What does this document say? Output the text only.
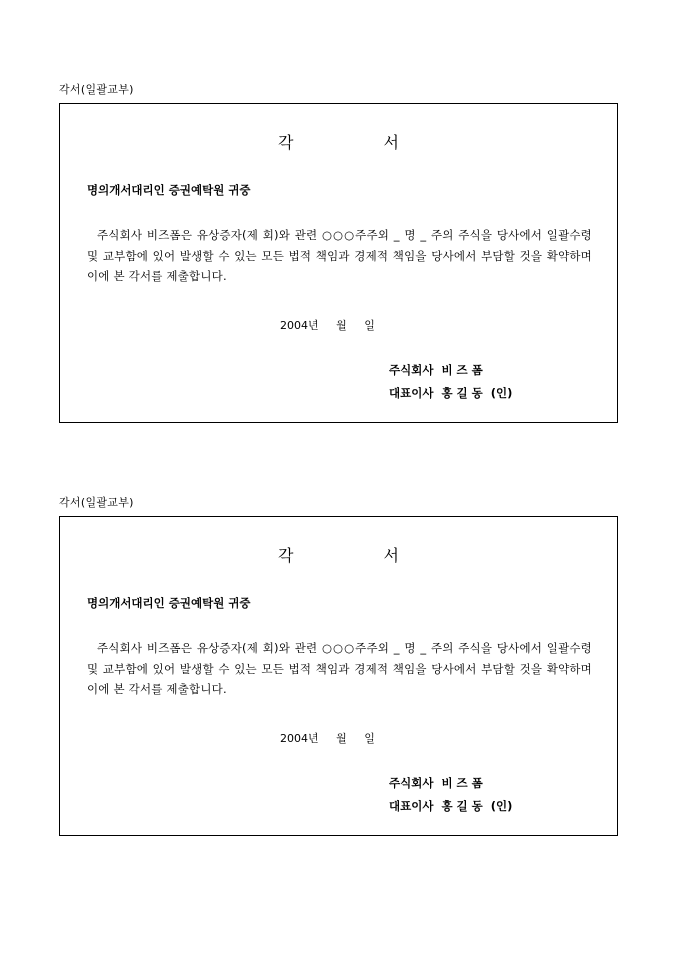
각서(일괄교부)
각	서
명의개서대리인 증권예탁원 귀중
주식회사 비즈폼은 유상증자(제 회)와 관련 ○○○주주외 _ 명 _ 주의 주식을 당사에서 일괄수령 및 교부함에 있어 발생할 수 있는 모든 법적 책임과 경제적 책임을 당사에서 부담할 것을 확약하며 이에 본 각서를 제출합니다.
2004년     월     일
주식회사  비 즈 폼
대표이사  홍 길 동  (인)
각서(일괄교부)
각	서
명의개서대리인 증권예탁원 귀중
주식회사 비즈폼은 유상증자(제 회)와 관련 ○○○주주외 _ 명 _ 주의 주식을 당사에서 일괄수령 및 교부함에 있어 발생할 수 있는 모든 법적 책임과 경제적 책임을 당사에서 부담할 것을 확약하며 이에 본 각서를 제출합니다.
2004년     월     일
주식회사  비 즈 폼
대표이사  홍 길 동  (인)
